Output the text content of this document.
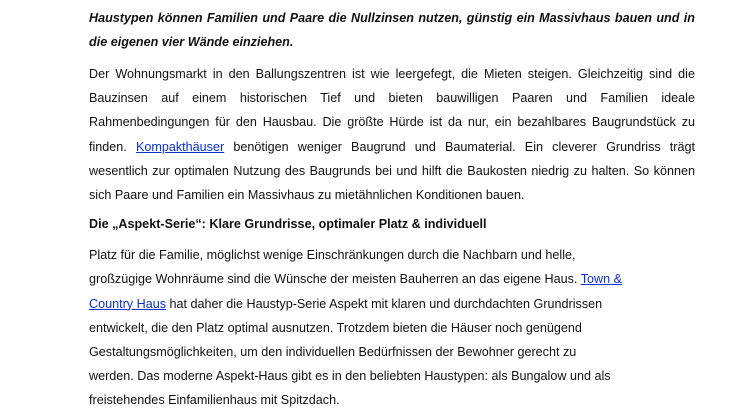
Haustypen können Familien und Paare die Nullzinsen nutzen, günstig ein Massivhaus bauen und in die eigenen vier Wände einziehen.

Der Wohnungsmarkt in den Ballungszentren ist wie leergefegt, die Mieten steigen. Gleichzeitig sind die Bauzinsen auf einem historischen Tief und bieten bauwilligen Paaren und Familien ideale Rahmenbedingungen für den Hausbau. Die größte Hürde ist da nur, ein bezahlbares Baugrundstück zu finden. Kompakthäuser benötigen weniger Baugrund und Baumaterial. Ein cleverer Grundriss trägt wesentlich zur optimalen Nutzung des Baugrunds bei und hilft die Baukosten niedrig zu halten. So können sich Paare und Familien ein Massivhaus zu mietähnlichen Konditionen bauen.

Die „Aspekt-Serie“: Klare Grundrisse, optimaler Platz & individuell

Platz für die Familie, möglichst wenige Einschränkungen durch die Nachbarn und helle,
großzügige Wohnräume sind die Wünsche der meisten Bauherren an das eigene Haus. Town &
Country Haus hat daher die Haustyp-Serie Aspekt mit klaren und durchdachten Grundrissen
entwickelt, die den Platz optimal ausnutzen. Trotzdem bieten die Häuser noch genügend
Gestaltungsmöglichkeiten, um den individuellen Bedürfnissen der Bewohner gerecht zu
werden. Das moderne Aspekt-Haus gibt es in den beliebten Haustypen: als Bungalow und als
freistehendes Einfamilienhaus mit Spitzdach.
